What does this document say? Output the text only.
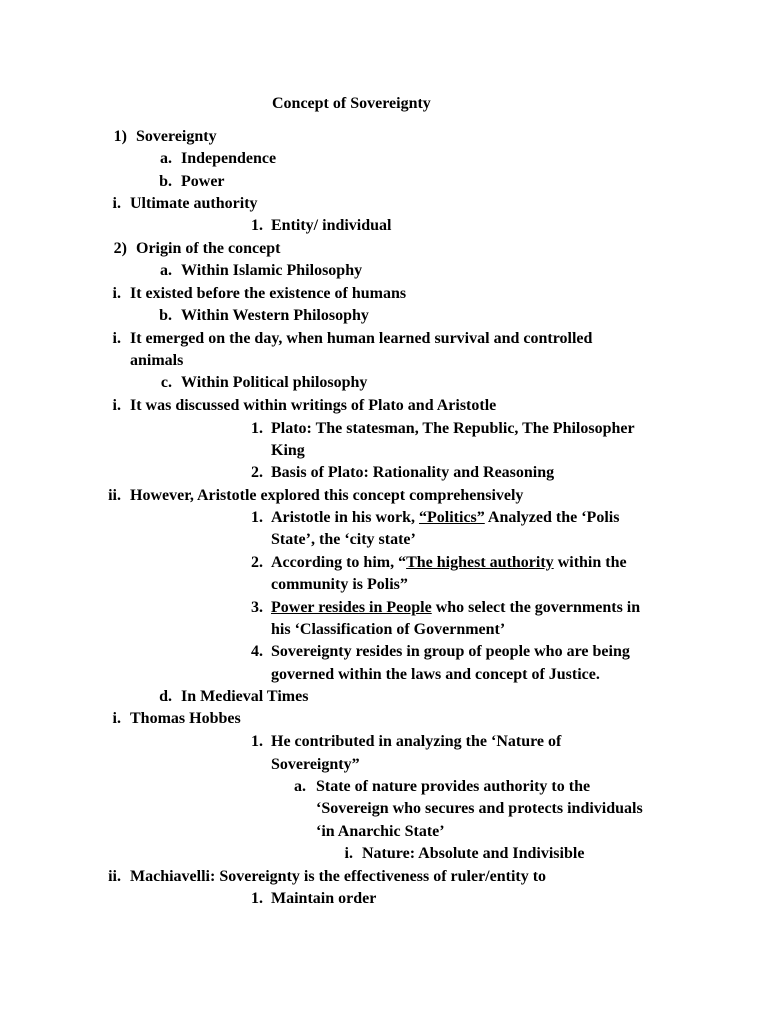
Concept of Sovereignty
1) Sovereignty
a. Independence
b. Power
i. Ultimate authority
1. Entity/ individual
2) Origin of the concept
a. Within Islamic Philosophy
i. It existed before the existence of humans
b. Within Western Philosophy
i. It emerged on the day, when human learned survival and controlled
animals
c. Within Political philosophy
i. It was discussed within writings of Plato and Aristotle
1. Plato: The statesman, The Republic, The Philosopher
King
2. Basis of Plato: Rationality and Reasoning
ii. However, Aristotle explored this concept comprehensively
1. Aristotle in his work, “Politics” Analyzed the ‘Polis
State’, the ‘city state’
2. According to him, “The highest authority within the
community is Polis”
3. Power resides in People who select the governments in
his ‘Classification of Government’
4. Sovereignty resides in group of people who are being
governed within the laws and concept of Justice.
d. In Medieval Times
i. Thomas Hobbes
1. He contributed in analyzing the ‘Nature of
Sovereignty”
a. State of nature provides authority to the
‘Sovereign who secures and protects individuals
‘in Anarchic State’
i. Nature: Absolute and Indivisible
ii. Machiavelli: Sovereignty is the effectiveness of ruler/entity to
1. Maintain order
